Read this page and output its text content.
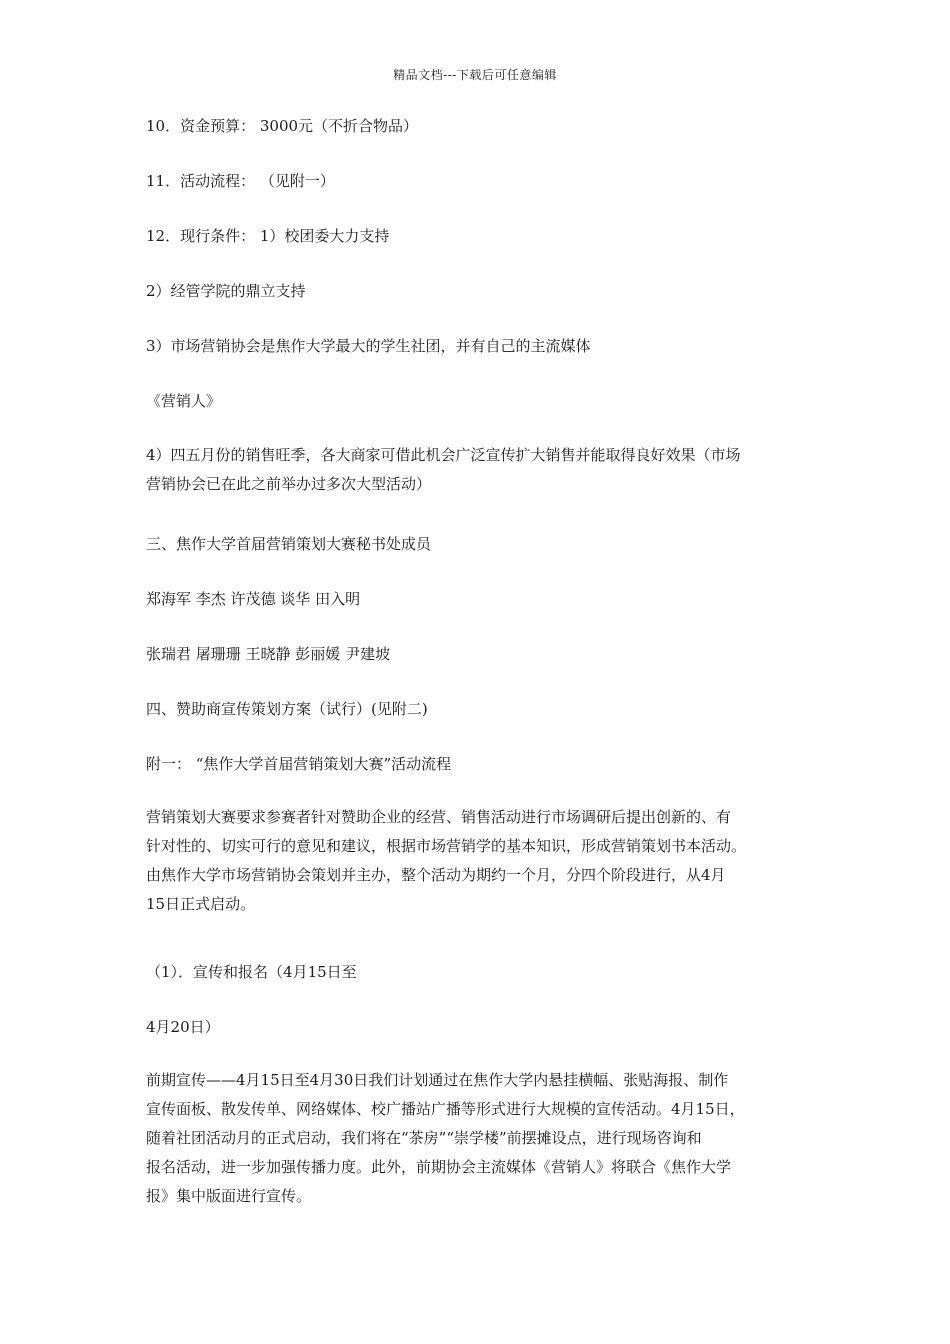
精品文档---下载后可任意编辑
10．资金预算： 3000元（不折合物品）
11．活动流程： （见附一）
12．现行条件： 1）校团委大力支持
2）经管学院的鼎立支持
3）市场营销协会是焦作大学最大的学生社团，并有自己的主流媒体
《营销人》
4）四五月份的销售旺季，各大商家可借此机会广泛宣传扩大销售并能取得良好效果（市场
营销协会已在此之前举办过多次大型活动）
三、焦作大学首届营销策划大赛秘书处成员
郑海军 李杰 许茂德 谈华 田入明
张瑞君 屠珊珊 王晓静 彭丽媛 尹建坡
四、赞助商宣传策划方案（试行）(见附二)
附一： “焦作大学首届营销策划大赛”活动流程
营销策划大赛要求参赛者针对赞助企业的经营、销售活动进行市场调研后提出创新的、有
针对性的、切实可行的意见和建议，根据市场营销学的基本知识，形成营销策划书本活动。
由焦作大学市场营销协会策划并主办，整个活动为期约一个月，分四个阶段进行，从4月
15日正式启动。
（1）．宣传和报名（4月15日至
4月20日）
前期宣传——4月15日至4月30日我们计划通过在焦作大学内悬挂横幅、张贴海报、制作
宣传面板、散发传单、网络媒体、校广播站广播等形式进行大规模的宣传活动。4月15日，
随着社团活动月的正式启动，我们将在“茶房”“崇学楼”前摆摊设点，进行现场咨询和
报名活动，进一步加强传播力度。此外，前期协会主流媒体《营销人》将联合《焦作大学
报》集中版面进行宣传。
